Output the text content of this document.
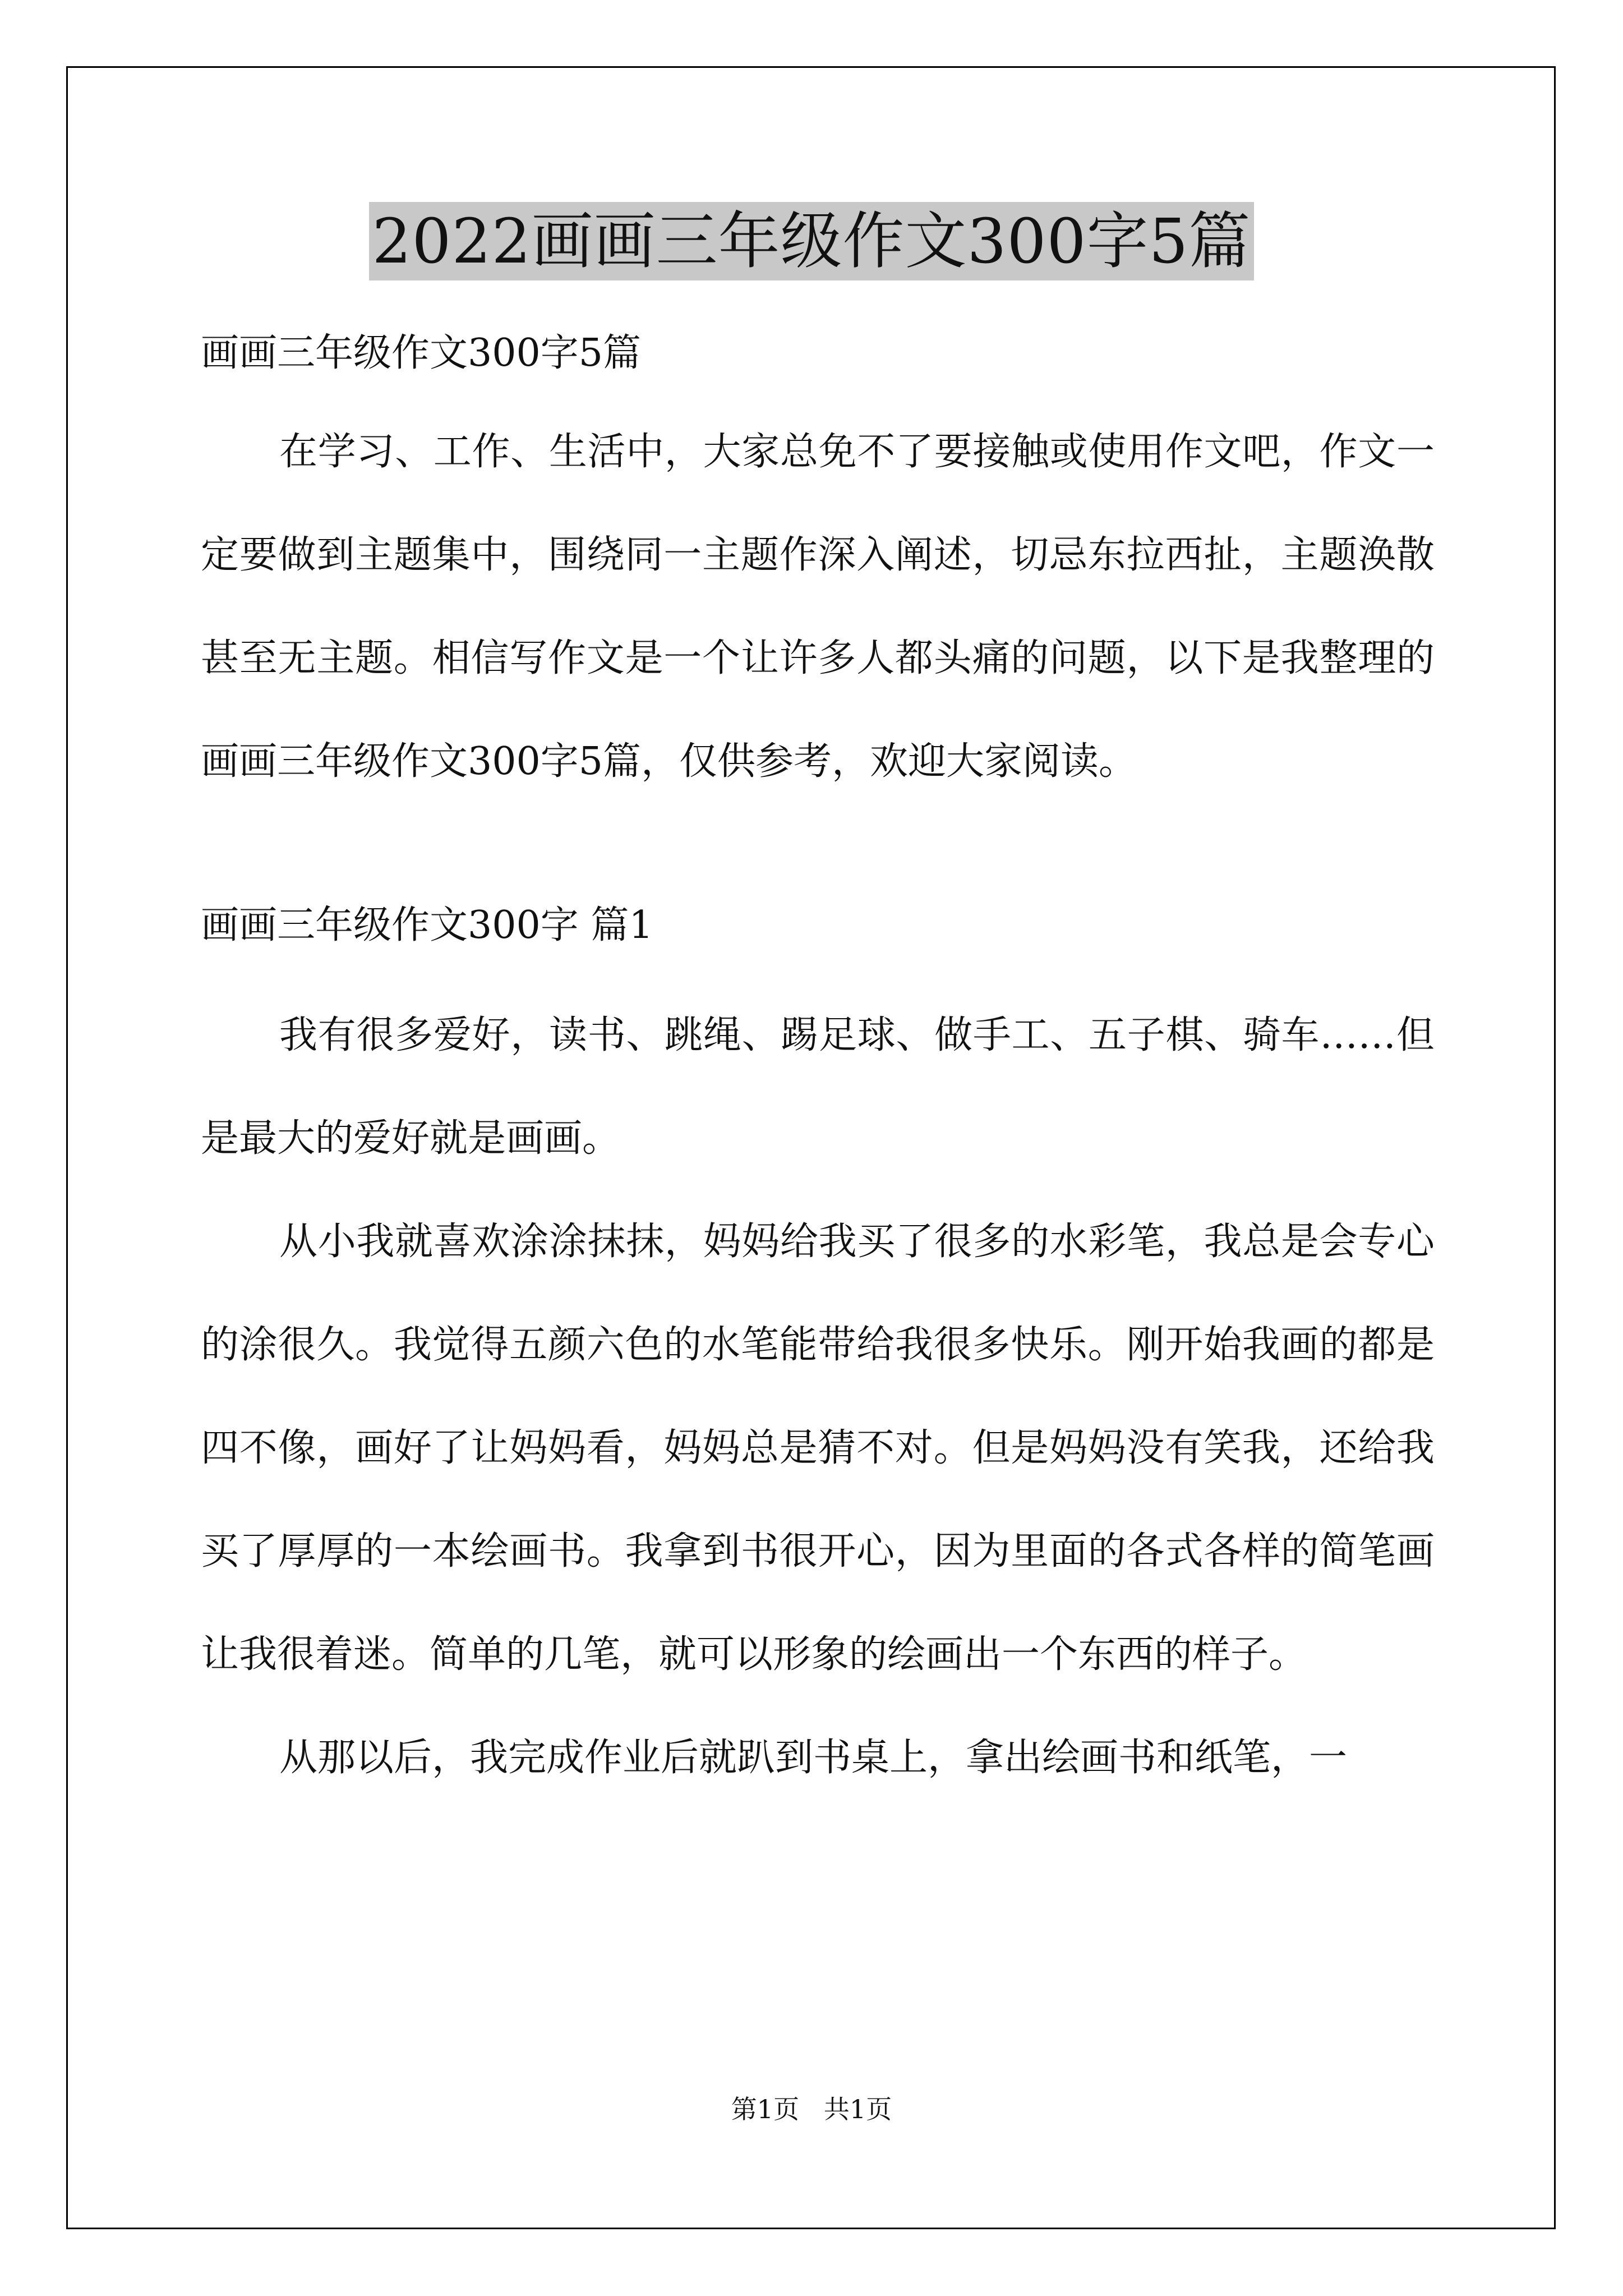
2022画画三年级作文300字5篇

画画三年级作文300字5篇

在学习、工作、生活中，大家总免不了要接触或使用作文吧，作文一定要做到主题集中，围绕同一主题作深入阐述，切忌东拉西扯，主题涣散甚至无主题。相信写作文是一个让许多人都头痛的问题，以下是我整理的画画三年级作文300字5篇，仅供参考，欢迎大家阅读。

画画三年级作文300字 篇1

我有很多爱好，读书、跳绳、踢足球、做手工、五子棋、骑车……但是最大的爱好就是画画。

从小我就喜欢涂涂抹抹，妈妈给我买了很多的水彩笔，我总是会专心的涂很久。我觉得五颜六色的水笔能带给我很多快乐。刚开始我画的都是四不像，画好了让妈妈看，妈妈总是猜不对。但是妈妈没有笑我，还给我买了厚厚的一本绘画书。我拿到书很开心，因为里面的各式各样的简笔画让我很着迷。简单的几笔，就可以形象的绘画出一个东西的样子。

从那以后，我完成作业后就趴到书桌上，拿出绘画书和纸笔，一

第1页   共1页
